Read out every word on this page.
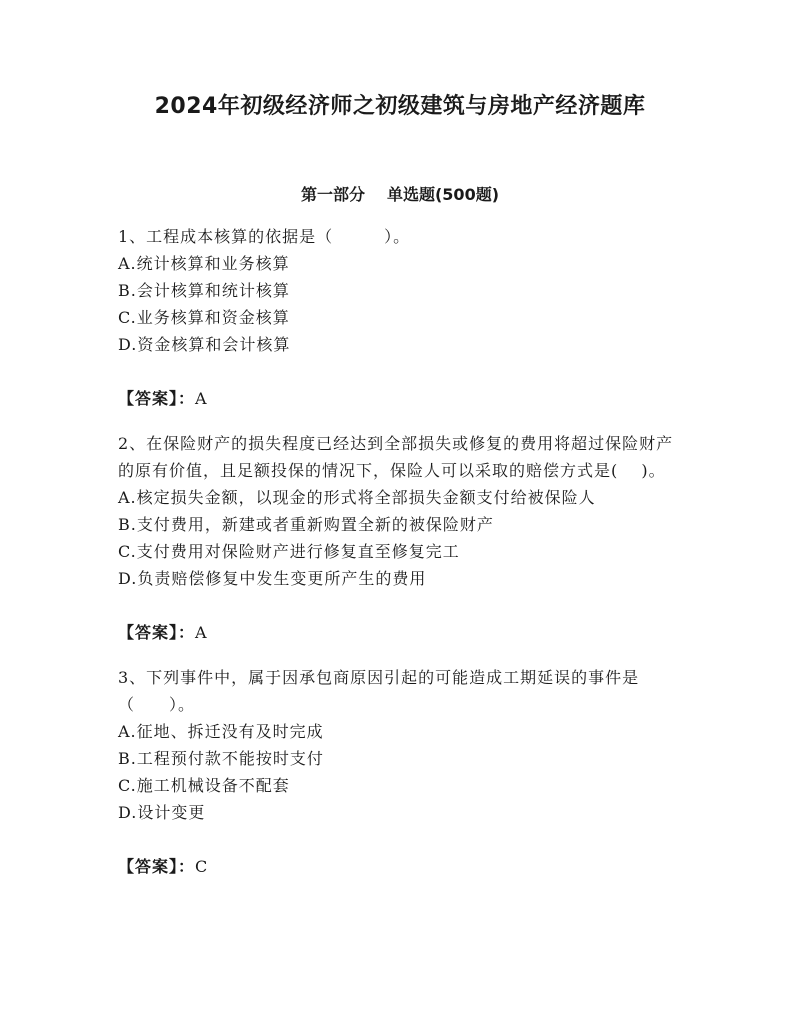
2024年初级经济师之初级建筑与房地产经济题库
第一部分 单选题(500题)

1、工程成本核算的依据是（　　　）。

A.统计核算和业务核算

B.会计核算和统计核算

C.业务核算和资金核算

D.资金核算和会计核算

【答案】：A

2、在保险财产的损失程度已经达到全部损失或修复的费用将超过保险财产的原有价值，且足额投保的情况下，保险人可以采取的赔偿方式是(　 )。

A.核定损失金额，以现金的形式将全部损失金额支付给被保险人

B.支付费用，新建或者重新购置全新的被保险财产

C.支付费用对保险财产进行修复直至修复完工

D.负责赔偿修复中发生变更所产生的费用

【答案】：A

3、下列事件中，属于因承包商原因引起的可能造成工期延误的事件是（　　）。

A.征地、拆迁没有及时完成

B.工程预付款不能按时支付

C.施工机械设备不配套

D.设计变更

【答案】：C
